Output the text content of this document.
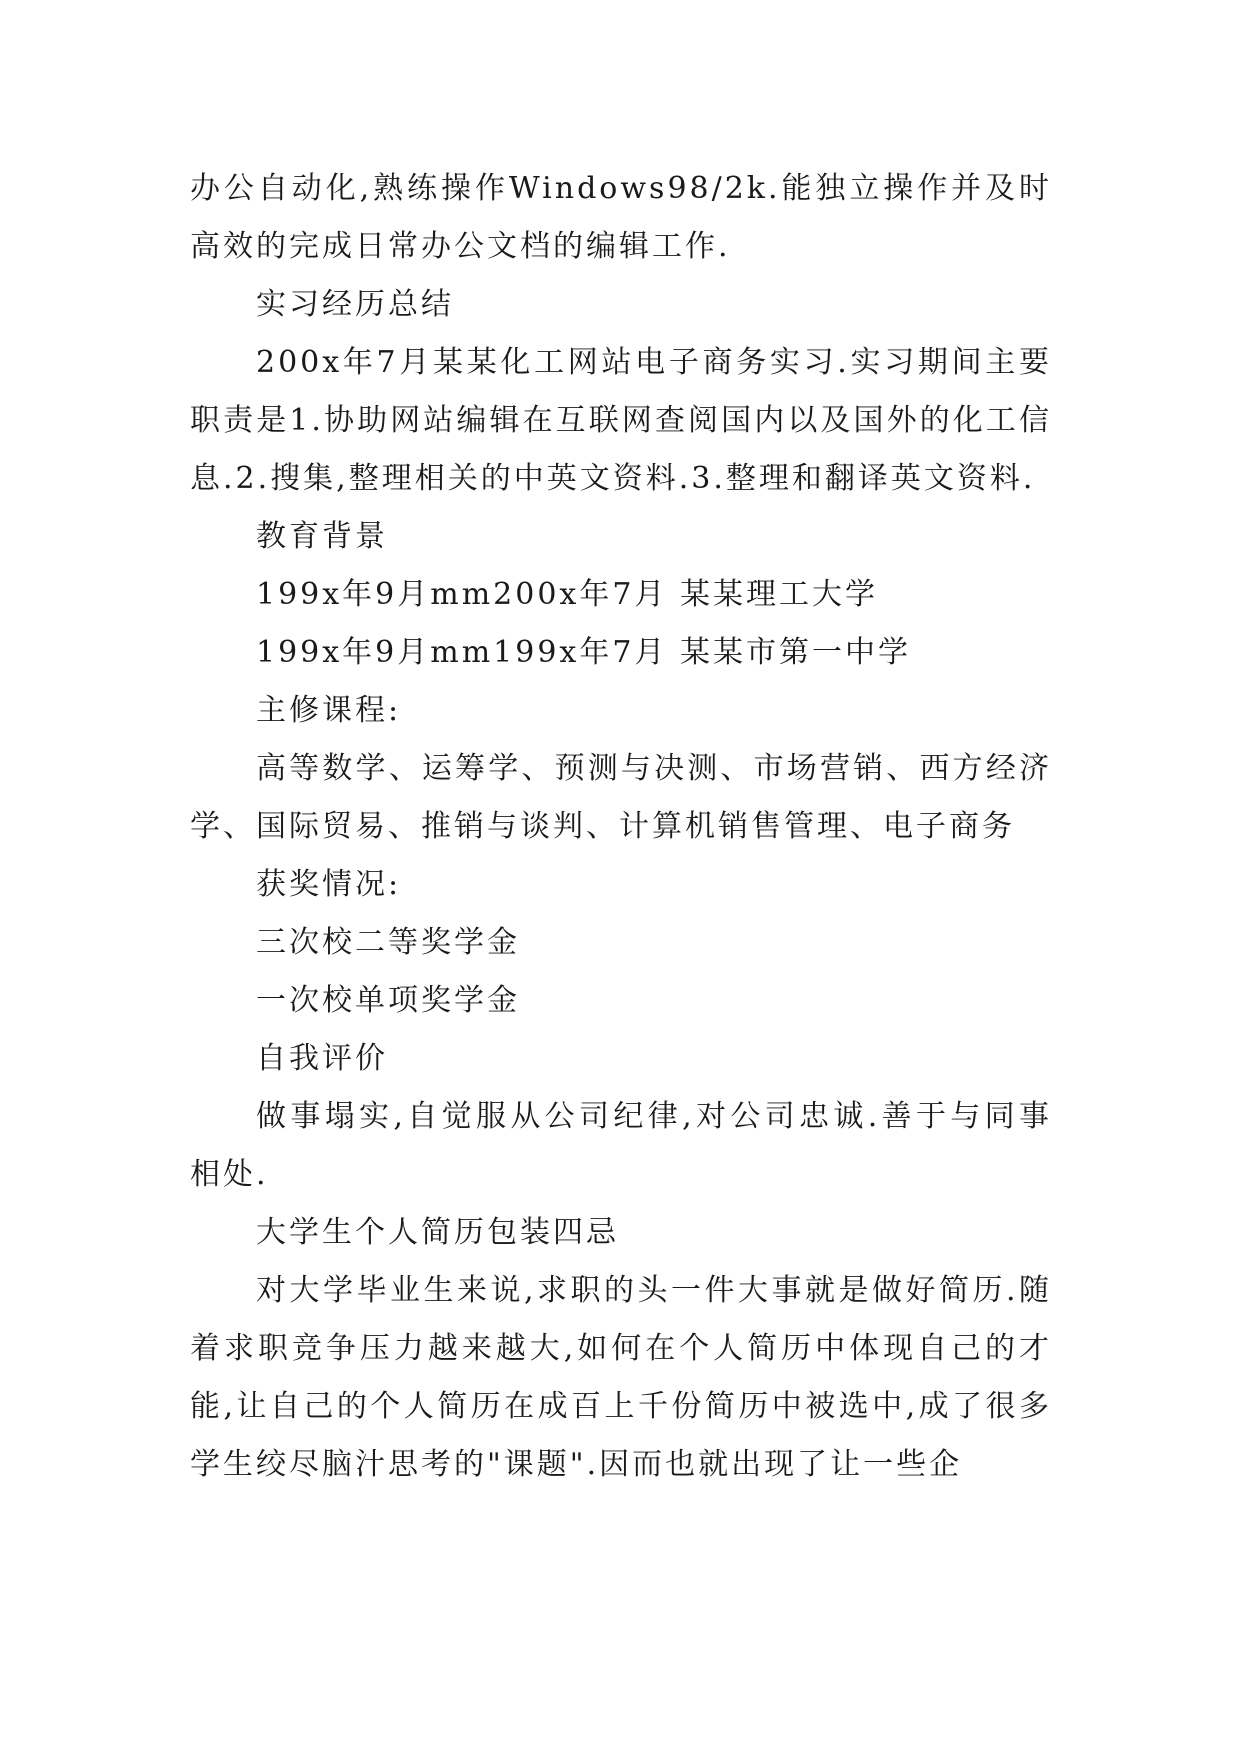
办公自动化,熟练操作Windows98/2k.能独立操作并及时高效的完成日常办公文档的编辑工作.

实习经历总结

200x年7月某某化工网站电子商务实习.实习期间主要职责是1.协助网站编辑在互联网查阅国内以及国外的化工信息.2.搜集,整理相关的中英文资料.3.整理和翻译英文资料.

教育背景

199x年9月mm200x年7月 某某理工大学

199x年9月mm199x年7月 某某市第一中学

主修课程:

高等数学、运筹学、预测与决测、市场营销、西方经济学、国际贸易、推销与谈判、计算机销售管理、电子商务

获奖情况:

三次校二等奖学金

一次校单项奖学金

自我评价

做事塌实,自觉服从公司纪律,对公司忠诚.善于与同事相处.

大学生个人简历包装四忌

对大学毕业生来说,求职的头一件大事就是做好简历.随着求职竞争压力越来越大,如何在个人简历中体现自己的才能,让自己的个人简历在成百上千份简历中被选中,成了很多学生绞尽脑汁思考的"课题".因而也就出现了让一些企
